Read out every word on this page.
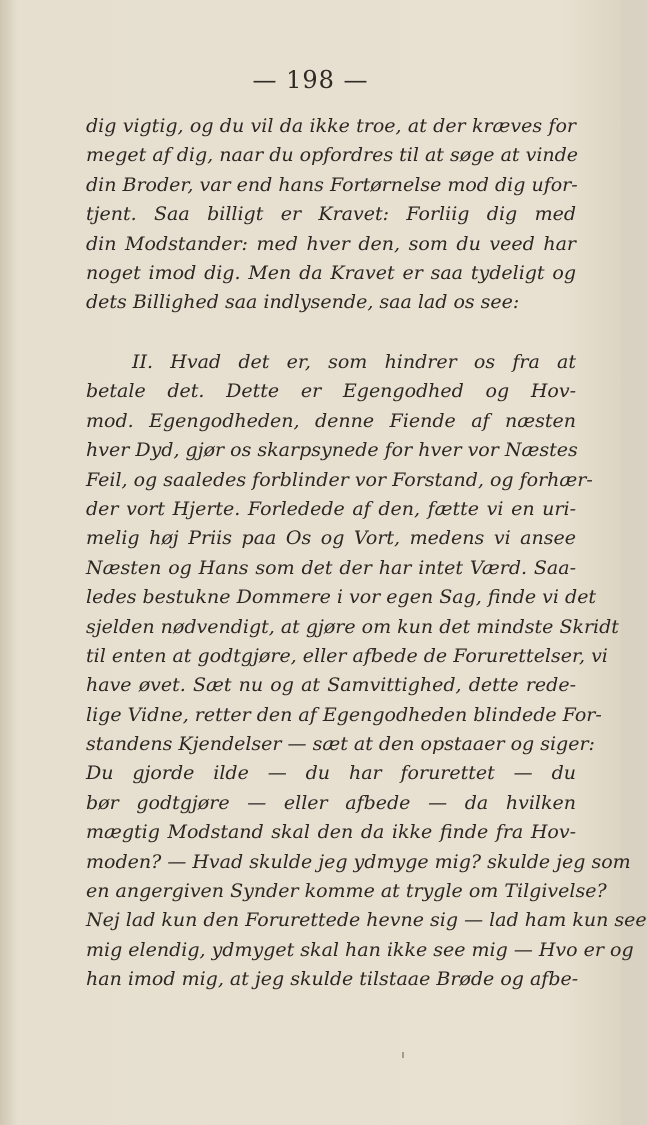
— 198 —
dig vigtig, og du vil da ikke troe, at der kræves for
meget af dig, naar du opfordres til at søge at vinde
din Broder, var end hans Fortørnelse mod dig ufor-
tjent. Saa billigt er Kravet: Forliig dig med
din Modstander: med hver den, som du veed har
noget imod dig. Men da Kravet er saa tydeligt og
dets Billighed saa indlysende, saa lad os see:
II. Hvad det er, som hindrer os fra at
betale det. Dette er Egengodhed og Hov-
mod. Egengodheden, denne Fiende af næsten
hver Dyd, gjør os skarpsynede for hver vor Næstes
Feil, og saaledes forblinder vor Forstand, og forhær-
der vort Hjerte. Forledede af den, fætte vi en uri-
melig høj Priis paa Os og Vort, medens vi ansee
Næsten og Hans som det der har intet Værd. Saa-
ledes bestukne Dommere i vor egen Sag, finde vi det
sjelden nødvendigt, at gjøre om kun det mindste Skridt
til enten at godtgjøre, eller afbede de Forurettelser, vi
have øvet. Sæt nu og at Samvittighed, dette rede-
lige Vidne, retter den af Egengodheden blindede For-
standens Kjendelser — sæt at den opstaaer og siger:
Du gjorde ilde — du har forurettet — du
bør godtgjøre — eller afbede — da hvilken
mægtig Modstand skal den da ikke finde fra Hov-
moden? — Hvad skulde jeg ydmyge mig? skulde jeg som
en angergiven Synder komme at trygle om Tilgivelse?
Nej lad kun den Forurettede hevne sig — lad ham kun see
mig elendig, ydmyget skal han ikke see mig — Hvo er og
han imod mig, at jeg skulde tilstaae Brøde og afbe-
